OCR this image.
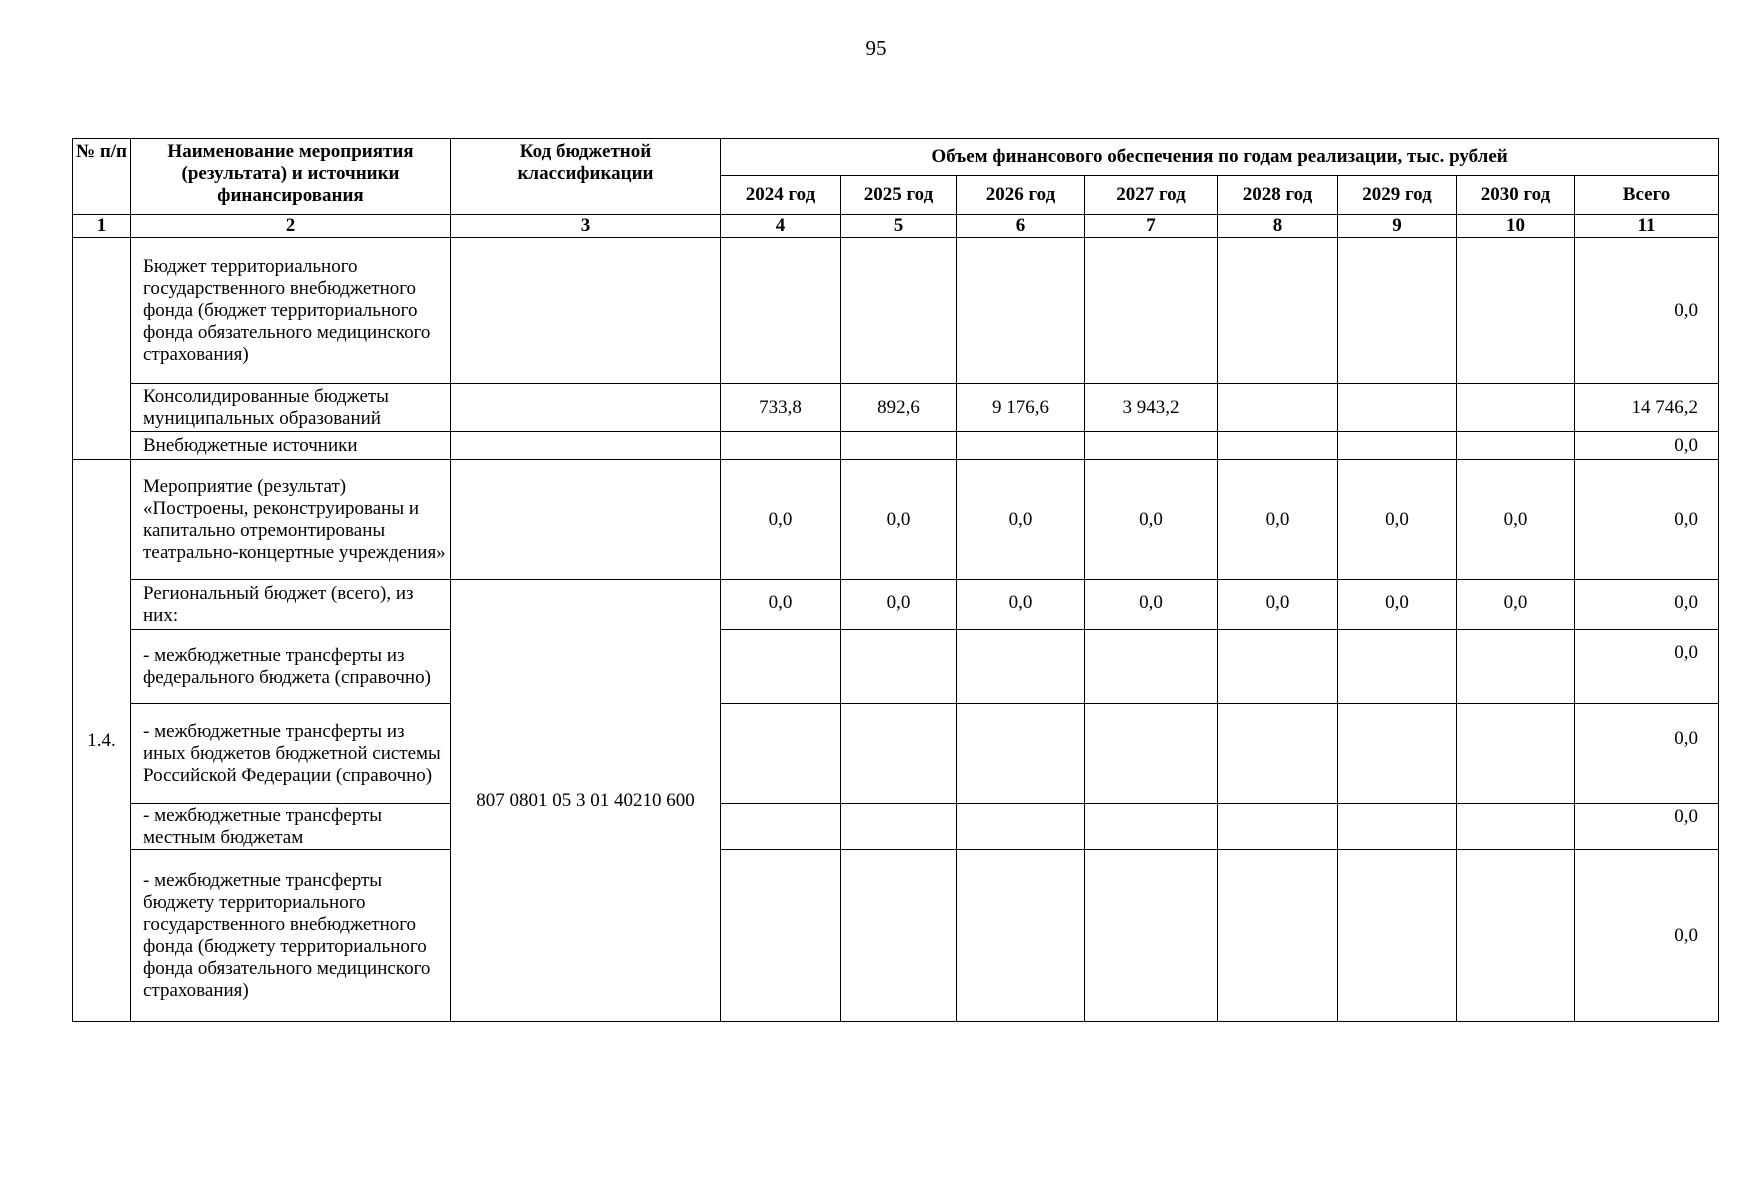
95
№ п/п	Наименование мероприятия (результата) и источники финансирования	Код бюджетной классификации	Объем финансового обеспечения по годам реализации, тыс. рублей							
			2024 год	2025 год	2026 год	2027 год	2028 год	2029 год	2030 год	Всего
1	2	3	4	5	6	7	8	9	10	11
	Бюджет территориального государственного внебюджетного фонда (бюджет территориального фонда обязательного медицинского страхования)									0,0
	Консолидированные бюджеты муниципальных образований		733,8	892,6	9 176,6	3 943,2				14 746,2
	Внебюджетные источники									0,0
1.4.	Мероприятие (результат) «Построены, реконструированы и капитально отремонтированы театрально-концертные учреждения»		0,0	0,0	0,0	0,0	0,0	0,0	0,0	0,0
	Региональный бюджет (всего), из них:	807 0801 05 3 01 40210 600	0,0	0,0	0,0	0,0	0,0	0,0	0,0	0,0
	- межбюджетные трансферты из федерального бюджета (справочно)									0,0
	- межбюджетные трансферты из иных бюджетов бюджетной системы Российской Федерации (справочно)									0,0
	- межбюджетные трансферты местным бюджетам									0,0
	- межбюджетные трансферты бюджету территориального государственного внебюджетного фонда (бюджету территориального фонда обязательного медицинского страхования)									0,0
